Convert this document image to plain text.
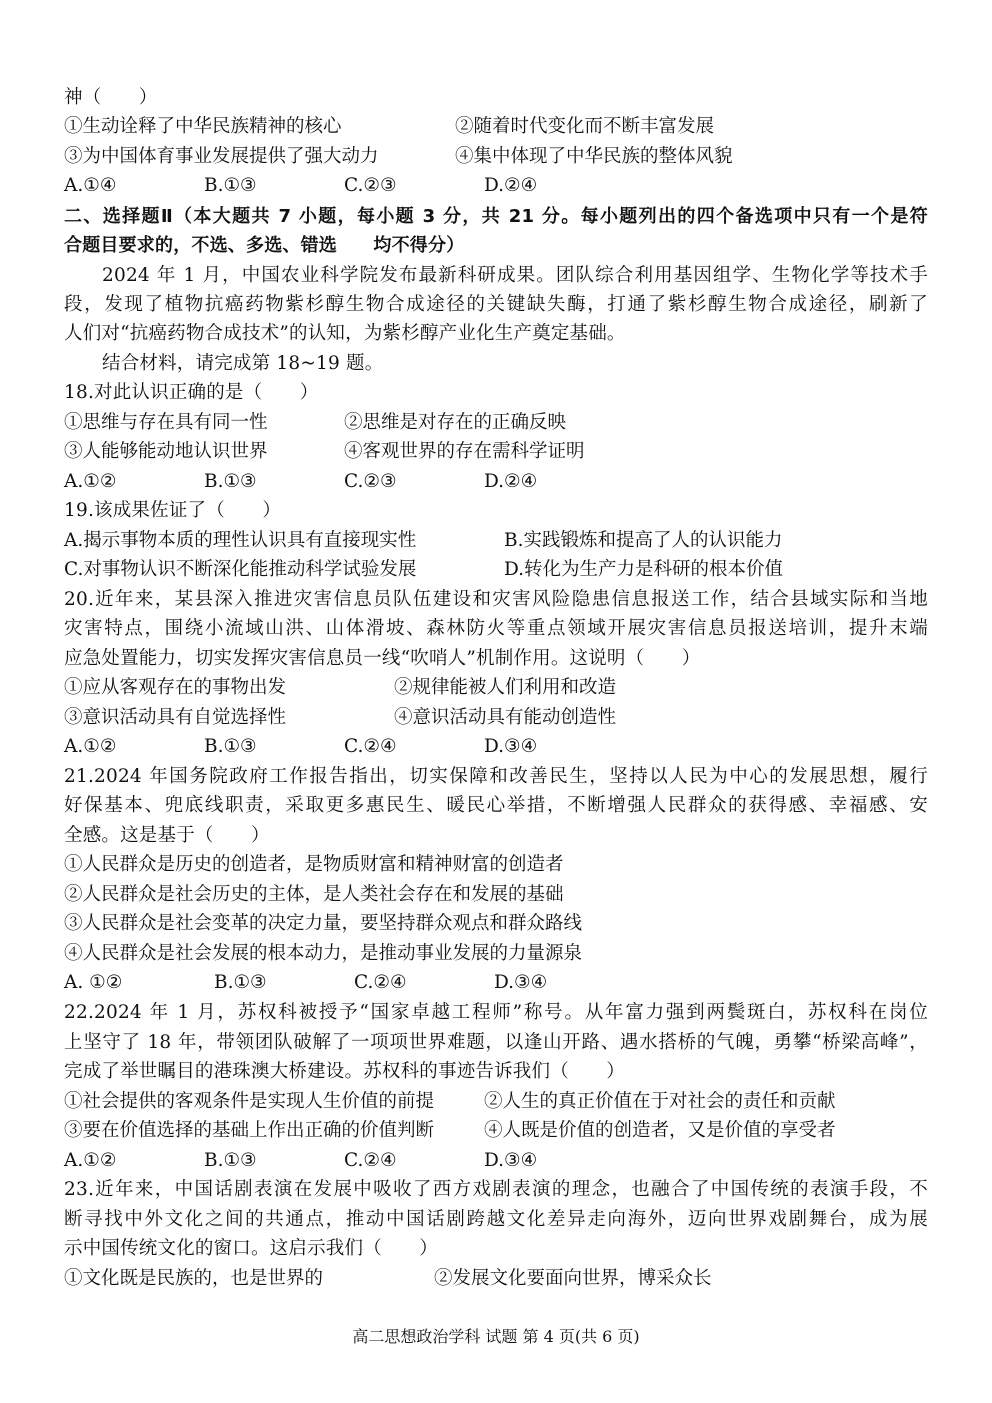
神（　　）
①生动诠释了中华民族精神的核心	②随着时代变化而不断丰富发展
③为中国体育事业发展提供了强大动力	④集中体现了中华民族的整体风貌
A.①④	B.①③	C.②③	D.②④
二、选择题Ⅱ（本大题共 7 小题，每小题 3 分，共 21 分。每小题列出的四个备选项中只有一个是符
合题目要求的，不选、多选、错选　　均不得分）
2024 年 1 月，中国农业科学院发布最新科研成果。团队综合利用基因组学、生物化学等技术手
段，发现了植物抗癌药物紫杉醇生物合成途径的关键缺失酶，打通了紫杉醇生物合成途径，刷新了
人们对“抗癌药物合成技术”的认知，为紫杉醇产业化生产奠定基础。
结合材料，请完成第 18~19 题。
18.对此认识正确的是（　　）
①思维与存在具有同一性	②思维是对存在的正确反映
③人能够能动地认识世界	④客观世界的存在需科学证明
A.①②	B.①③	C.②③	D.②④
19.该成果佐证了（　　）
A.揭示事物本质的理性认识具有直接现实性	B.实践锻炼和提高了人的认识能力
C.对事物认识不断深化能推动科学试验发展	D.转化为生产力是科研的根本价值
20.近年来，某县深入推进灾害信息员队伍建设和灾害风险隐患信息报送工作，结合县域实际和当地
灾害特点，围绕小流域山洪、山体滑坡、森林防火等重点领域开展灾害信息员报送培训，提升末端
应急处置能力，切实发挥灾害信息员一线“吹哨人”机制作用。这说明（　　）
①应从客观存在的事物出发	②规律能被人们利用和改造
③意识活动具有自觉选择性	④意识活动具有能动创造性
A.①②	B.①③	C.②④	D.③④
21.2024 年国务院政府工作报告指出，切实保障和改善民生，坚持以人民为中心的发展思想，履行
好保基本、兜底线职责，采取更多惠民生、暖民心举措，不断增强人民群众的获得感、幸福感、安
全感。这是基于（　　）
①人民群众是历史的创造者，是物质财富和精神财富的创造者
②人民群众是社会历史的主体，是人类社会存在和发展的基础
③人民群众是社会变革的决定力量，要坚持群众观点和群众路线
④人民群众是社会发展的根本动力，是推动事业发展的力量源泉
A. ①②	B.①③	C.②④	D.③④
22.2024 年 1 月，苏权科被授予“国家卓越工程师”称号。从年富力强到两鬓斑白，苏权科在岗位
上坚守了 18 年，带领团队破解了一项项世界难题，以逢山开路、遇水搭桥的气魄，勇攀“桥梁高峰”，
完成了举世瞩目的港珠澳大桥建设。苏权科的事迹告诉我们（　　）
①社会提供的客观条件是实现人生价值的前提	②人生的真正价值在于对社会的责任和贡献
③要在价值选择的基础上作出正确的价值判断	④人既是价值的创造者，又是价值的享受者
A.①②	B.①③	C.②④	D.③④
23.近年来，中国话剧表演在发展中吸收了西方戏剧表演的理念，也融合了中国传统的表演手段，不
断寻找中外文化之间的共通点，推动中国话剧跨越文化差异走向海外，迈向世界戏剧舞台，成为展
示中国传统文化的窗口。这启示我们（　　）
①文化既是民族的，也是世界的	②发展文化要面向世界，博采众长
高二思想政治学科 试题 第 4 页(共 6 页)
